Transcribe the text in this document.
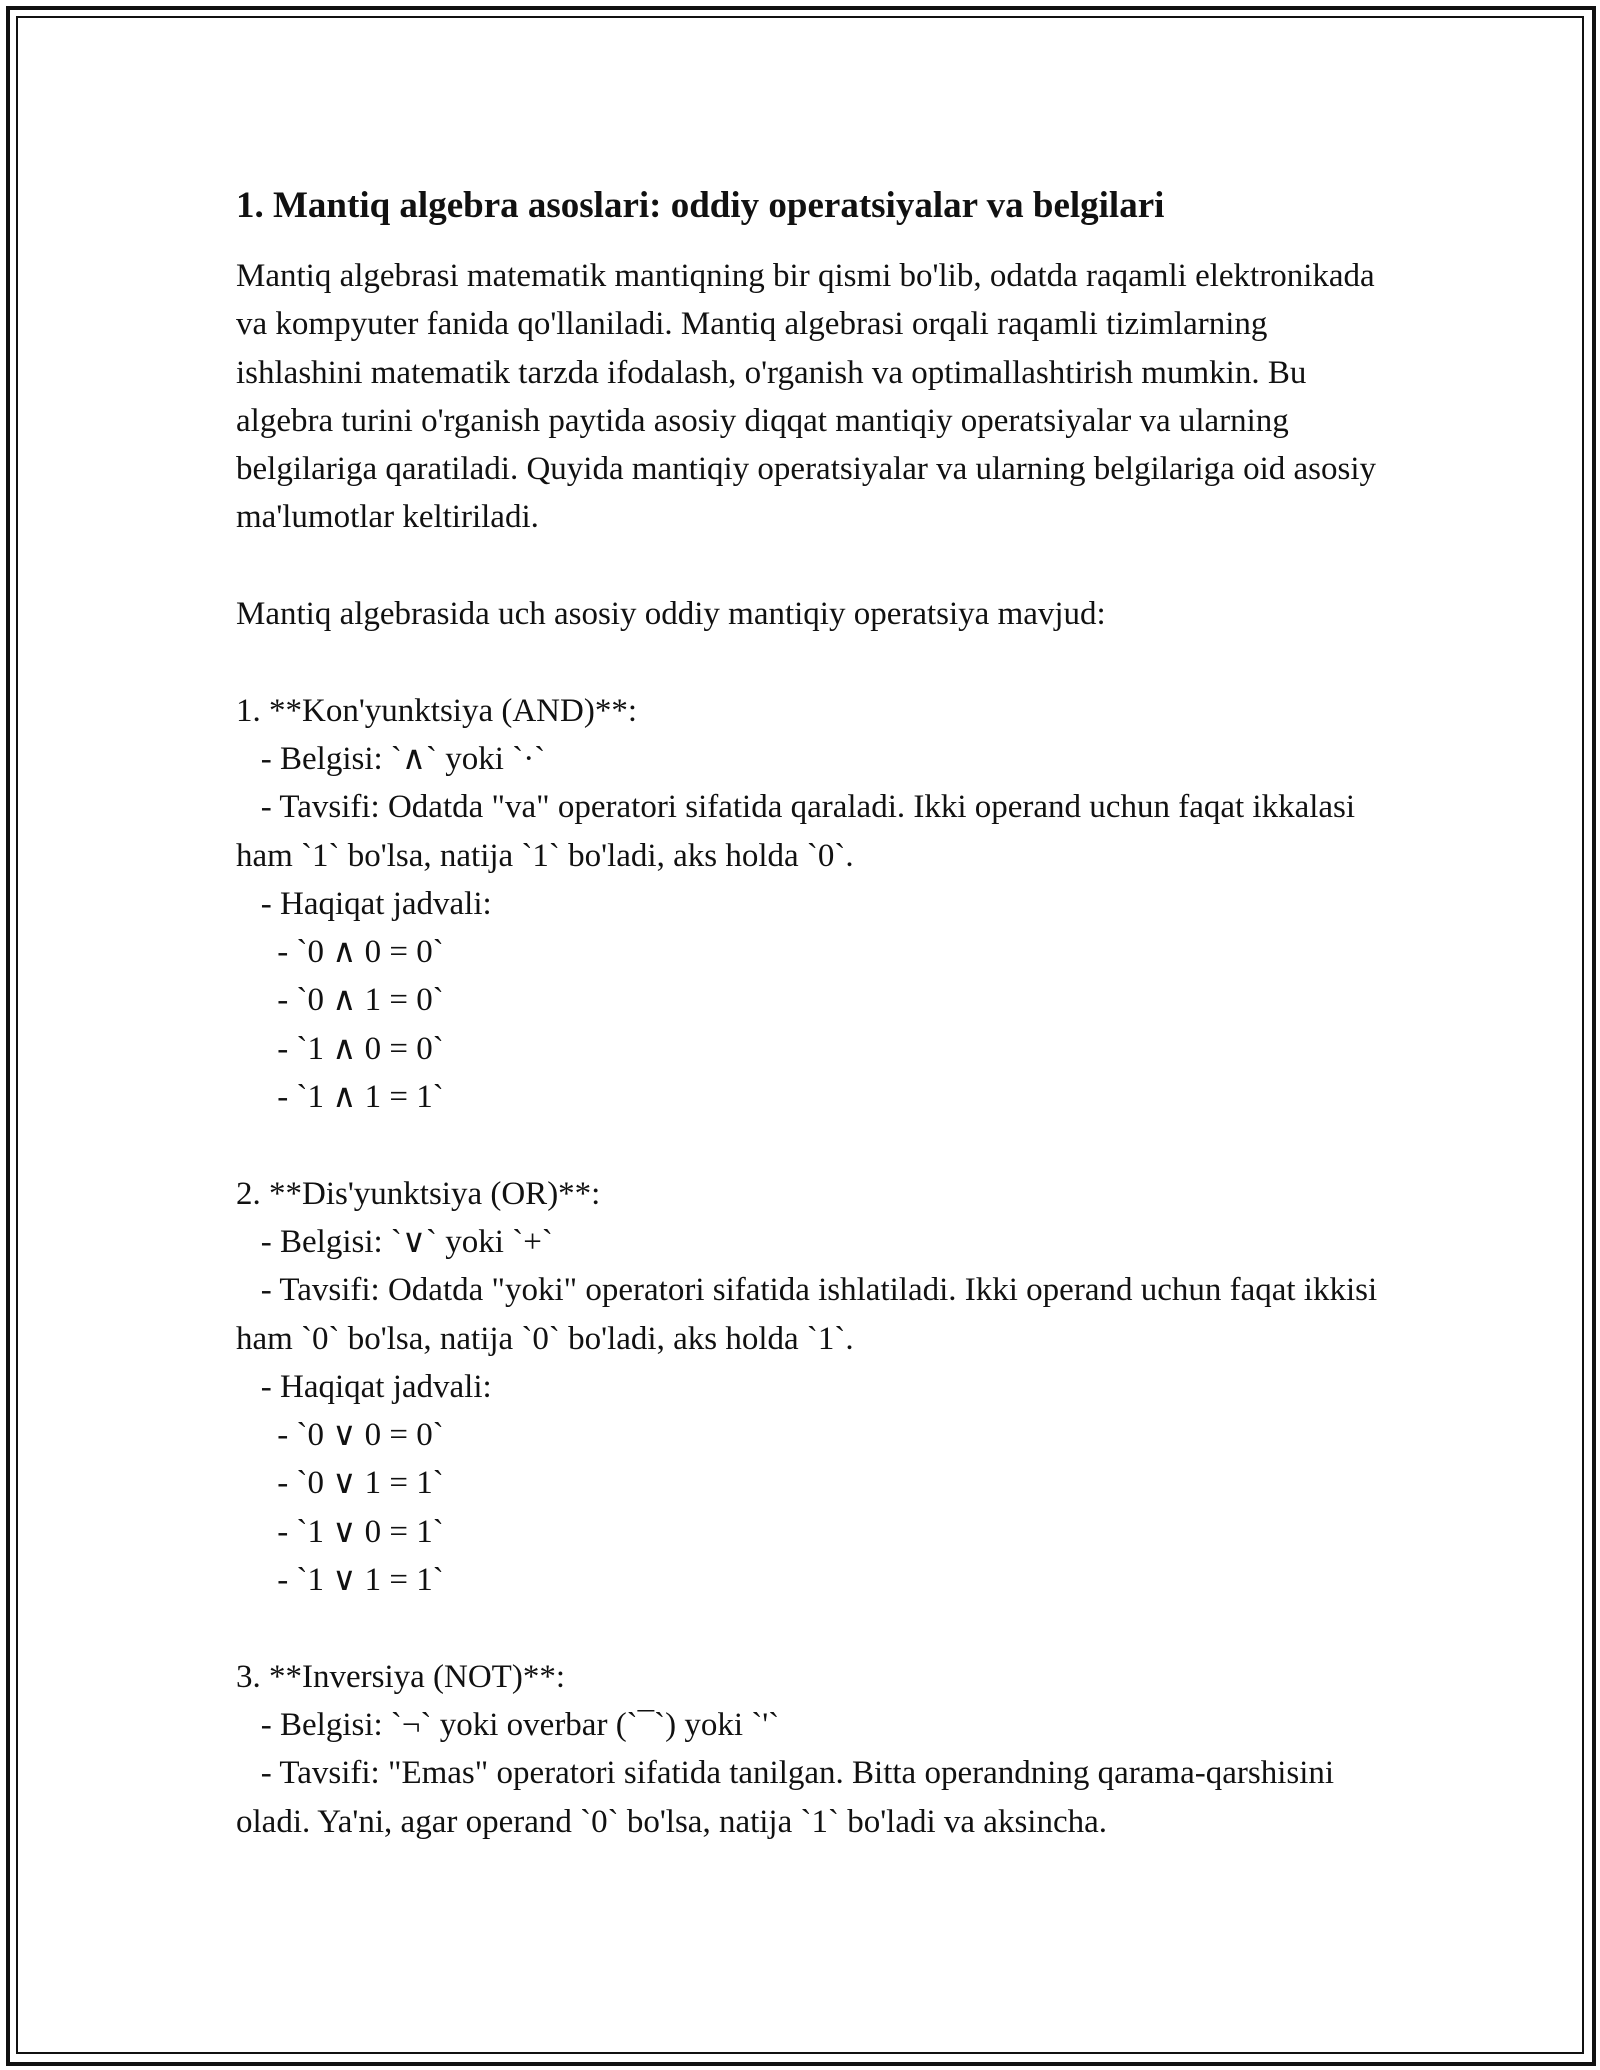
1. Mantiq algebra asoslari: oddiy operatsiyalar va belgilari

Mantiq algebrasi matematik mantiqning bir qismi bo'lib, odatda raqamli elektronikada va kompyuter fanida qo'llaniladi. Mantiq algebrasi orqali raqamli tizimlarning ishlashini matematik tarzda ifodalash, o'rganish va optimallashtirish mumkin. Bu algebra turini o'rganish paytida asosiy diqqat mantiqiy operatsiyalar va ularning belgilariga qaratiladi. Quyida mantiqiy operatsiyalar va ularning belgilariga oid asosiy ma'lumotlar keltiriladi.

Mantiq algebrasida uch asosiy oddiy mantiqiy operatsiya mavjud:
1. **Kon'yunktsiya (AND)**:
- Belgisi: `∧` yoki `·`
- Tavsifi: Odatda "va" operatori sifatida qaraladi. Ikki operand uchun faqat ikkalasi ham `1` bo'lsa, natija `1` bo'ladi, aks holda `0`.
- Haqiqat jadvali:
- `0 ∧ 0 = 0`
- `0 ∧ 1 = 0`
- `1 ∧ 0 = 0`
- `1 ∧ 1 = 1`
2. **Dis'yunktsiya (OR)**:
- Belgisi: `∨` yoki `+`
- Tavsifi: Odatda "yoki" operatori sifatida ishlatiladi. Ikki operand uchun faqat ikkisi ham `0` bo'lsa, natija `0` bo'ladi, aks holda `1`.
- Haqiqat jadvali:
- `0 ∨ 0 = 0`
- `0 ∨ 1 = 1`
- `1 ∨ 0 = 1`
- `1 ∨ 1 = 1`
3. **Inversiya (NOT)**:
- Belgisi: `¬` yoki overbar (`¯`) yoki `'`
- Tavsifi: "Emas" operatori sifatida tanilgan. Bitta operandning qarama-qarshisini oladi. Ya'ni, agar operand `0` bo'lsa, natija `1` bo'ladi va aksincha.
